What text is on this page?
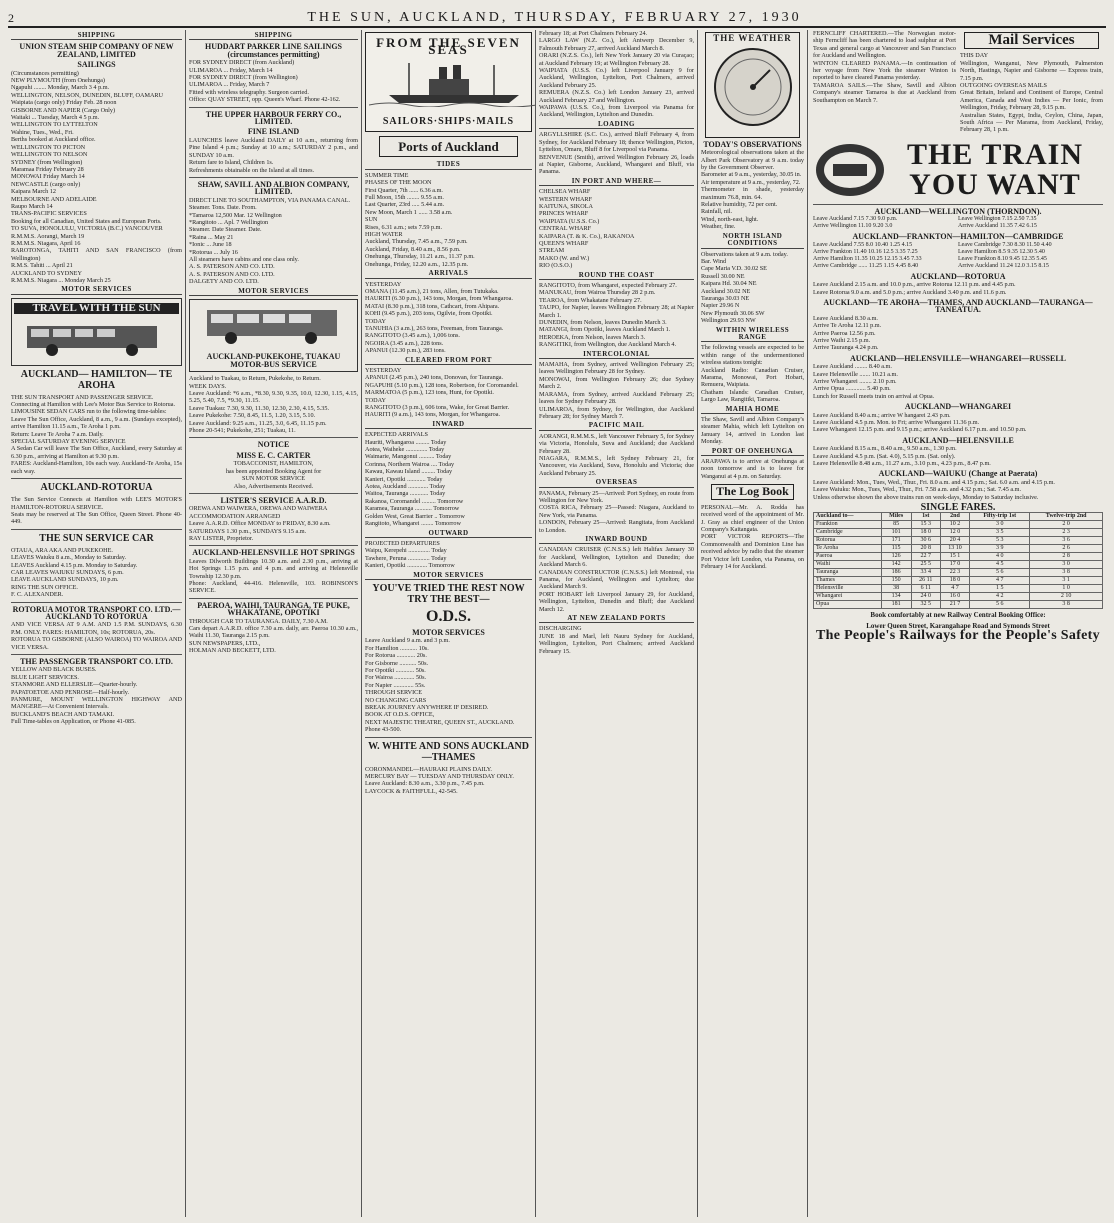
2	THE SUN, AUCKLAND, THURSDAY, FEBRUARY 27, 1930
SHIPPING
UNION STEAM SHIP COMPANY OF NEW ZEALAND, LIMITED
SAILINGS
(Circumstances permitting)
NEW PLYMOUTH (from Onehunga)
Ngapuhi ........ Monday, March 3 4 p.m.
WELLINGTON, NELSON, DUNEDIN, BLUFF, OAMARU
Waipiata (cargo only) Friday Feb. 28 noon
GISBORNE AND NAPIER (Cargo Only)
Waitaki ... Tuesday, March 4 5 p.m.
WELLINGTON TO LYTTELTON
Wahine, Tues., Wed., Fri.
Berths booked at Auckland office.
WELLINGTON TO PICTON
WELLINGTON TO NELSON
SYDNEY (from Wellington)
Maramaa Friday February 28
MONOWAI Friday March 14
NEWCASTLE (cargo only)
Kaipara March 12
MELBOURNE AND ADELAIDE
Raupo March 14
TRANS-PACIFIC SERVICES
Booking for all Canadian, United States and European Ports.
TO SUVA, HONOLULU, VICTORIA (B.C.) VANCOUVER
R.M.M.S. Aorangi, March 19
R.M.M.S. Niagara, April 16
RAROTONGA, TAHITI AND SAN FRANCISCO (from Wellington)
R.M.S. Tahiti ... April 21
AUCKLAND TO SYDNEY
R.M.M.S. Niagara ... Monday March 25
MOTOR SERVICES
TRAVEL WITH THE SUN
AUCKLAND— HAMILTON— TE AROHA
THE SUN TRANSPORT AND PASSENGER SERVICE.
Connecting at Hamilton with Lee's Motor Bus Service to Rotorua.
LIMOUSINE SEDAN CARS run to the following time-tables:
Leave The Sun Office, Auckland, 8 a.m., 9 a.m. (Sundays excepted), arrive Hamilton 11.15 a.m., Te Aroha 1 p.m.
Return: Leave Te Aroha 7 a.m. Daily.
SPECIAL SATURDAY EVENING SERVICE
A Sedan Car will leave The Sun Office, Auckland, every Saturday at 6.30 p.m., arriving at Hamilton at 9.30 p.m.
FARES: Auckland-Hamilton, 10s each way. Auckland-Te Aroha, 15s each way.
AUCKLAND-ROTORUA
The Sun Service Connects at Hamilton with LEE'S MOTOR'S HAMILTON-ROTORUA SERVICE.
Seats may be reserved at The Sun Office, Queen Street. Phone 40-449.
THE SUN SERVICE CAR
OTAUA, ARA AKA AND PUKEKOHE.
LEAVES Waiuku 8 a.m., Monday to Saturday.
LEAVES Auckland 4.15 p.m. Monday to Saturday.
CAR LEAVES WAIUKU SUNDAYS, 6 p.m.
LEAVE AUCKLAND SUNDAYS, 10 p.m.
RING THE SUN OFFICE.
F. C. ALEXANDER.
ROTORUA MOTOR TRANSPORT CO. LTD.—AUCKLAND TO ROTORUA
AND VICE VERSA AT 9 A.M. AND 1.5 P.M. SUNDAYS, 6.30 P.M. ONLY. FARES: HAMILTON, 10s; ROTORUA, 20s.
ROTORUA TO GISBORNE (ALSO WAIROA) TO WAIROA AND VICE VERSA.
THE PASSENGER TRANSPORT CO. LTD.
YELLOW AND BLACK BUSES.
BLUE LIGHT SERVICES.
STANMORE AND ELLERSLIE—Quarter-hourly.
PAPATOETOE AND PENROSE—Half-hourly.
PANMURE, MOUNT WELLINGTON HIGHWAY AND MANGERE—At Convenient Intervals.
BUCKLAND'S BEACH AND TAMAKI.
Full Time-tables on Application, or Phone 41-085.
SHIPPING
HUDDART PARKER LINE SAILINGS (circumstances permitting)
FOR SYDNEY DIRECT (from Auckland)
ULIMAROA ... Friday, March 14
FOR SYDNEY DIRECT (from Wellington)
ULIMAROA ... Friday, March 7
Fitted with wireless telegraphy. Surgeon carried.
Office: QUAY STREET, opp. Queen's Wharf. Phone 42-162.
THE UPPER HARBOUR FERRY CO., LIMITED.
FINE ISLAND
LAUNCHES leave Auckland DAILY at 10 a.m., returning from Pine Island 4 p.m.; Sunday at 10 a.m.; SATURDAY 2 p.m., and SUNDAY 10 a.m.
Return fare to Island, Children 1s.
Refreshments obtainable on the Island at all times.
SHAW, SAVILL AND ALBION COMPANY, LIMITED.
DIRECT LINE TO SOUTHAMPTON, VIA PANAMA CANAL.
Steamer. Tons. Date. From.
*Tamaroa 12,500 Mar. 12 Wellington
*Rangitoto ... Apl. 7 Wellington
Steamer. Date Steamer. Date.
*Raina ... May 21
*Ionic ... June 18
*Rotorua ... July 16
All steamers have cabins and one class only.
A. S. PATERSON AND CO. LTD.
A. S. PATERSON AND CO. LTD.
DALGETY AND CO. LTD.
MOTOR SERVICES
AUCKLAND-PUKEKOHE, TUAKAU MOTOR-BUS SERVICE
Auckland to Tuakau, to Return, Pukekohe, to Return.
WEEK DAYS.
Leave Auckland: *6 a.m., *8.30, 9.30, 9.35, 10.0, 12.30, 1.15, 4.15, 5.25, 5.40, 7.5, *9.30, 11.15.
Leave Tuakau: 7.30, 9.30, 11.30, 12.30, 2.30, 4.15, 5.35.
Leave Pukekohe: 7.50, 8.45, 11.5, 1.20, 3.15, 5.10.
Leave Auckland: 9.25 a.m., 11.25, 3.0, 6.45, 11.15 p.m.
Phone 20-541; Pukekohe, 251; Tuakau, 11.
NOTICE
MISS E. C. CARTER
TOBACCONIST, HAMILTON,
has been appointed Booking Agent for
SUN MOTOR SERVICE
Also, Advertisements Received.
LISTER'S SERVICE A.A.R.D.
OREWA AND WAIWERA, OREWA AND WAIWERA
ACCOMMODATION ARRANGED
Leave A.A.R.D. Office MONDAY to FRIDAY, 8.30 a.m.
SATURDAYS 1.30 p.m., SUNDAYS 9.15 a.m.
RAY LISTER, Proprietor.
AUCKLAND-HELENSVILLE HOT SPRINGS
Leaves Dilworth Buildings 10.30 a.m. and 2.30 p.m., arriving at Hot Springs 1.15 p.m. and 4 p.m. and arriving at Helensville Township 12.30 p.m.
Phone: Auckland, 44-416. Helensville, 103. ROBINSON'S SERVICE.
PAEROA, WAIHI, TAURANGA, TE PUKE, WHAKATANE, OPOTIKI
THROUGH CAR TO TAURANGA. DAILY, 7.30 A.M.
Cars depart A.A.R.D. office 7.30 a.m. daily, arr. Paeroa 10.30 a.m., Waihi 11.30, Tauranga 2.15 p.m.
SUN NEWSPAPERS, LTD.,
HOLMAN AND BECKETT, LTD.
FROM THE SEVEN SEAS
SAILORS·SHIPS·MAILS
Ports of Auckland
TIDES
SUMMER TIME
PHASES OF THE MOON
First Quarter, 7th ...... 6.36 a.m.
Full Moon, 15th ........ 9.55 a.m.
Last Quarter, 23rd ..... 5.44 a.m.
New Moon, March 1 ...... 3.58 a.m.
SUN
Rises, 6.31 a.m.; sets 7.59 p.m.
HIGH WATER
Auckland, Thursday, 7.45 a.m., 7.59 p.m.
Auckland, Friday, 8.40 a.m., 8.56 p.m.
Onehunga, Thursday, 11.21 a.m., 11.37 p.m.
Onehunga, Friday, 12.20 a.m., 12.35 p.m.
ARRIVALS
YESTERDAY
OMANA (11.45 a.m.), 21 tons, Allen, from Tutukaka.
HAURITI (6.30 p.m.), 143 tons, Morgan, from Whangaroa.
MATAI (8.30 p.m.), 318 tons, Cathcart, from Ahipara.
KOHI (9.45 p.m.), 203 tons, Ogilvie, from Opotiki.
TODAY
TANUHIA (3 a.m.), 263 tons, Freeman, from Tauranga.
RANGITOTO (3.45 a.m.), 1,006 tons.
NGOIRA (3.45 a.m.), 228 tons.
APANUI (12.30 p.m.), 283 tons.
CLEARED FROM PORT
YESTERDAY
APANUI (2.45 p.m.), 240 tons, Donovan, for Tauranga.
NGAPUHI (5.10 p.m.), 128 tons, Robertson, for Coromandel.
MARMATOA (5 p.m.), 123 tons, Hunt, for Opotiki.
TODAY
RANGITOTO (3 p.m.), 606 tons, Wake, for Great Barrier.
HAURITI (9 a.m.), 143 tons, Morgan, for Whangaroa.
INWARD
EXPECTED ARRIVALS
Hauriti, Whangaroa ......... Today
Aotea, Waiheke .............. Today
Waimarie, Mangonui .......... Today
Corinna, Northern Wairoa .... Today
Kawau, Kawau Island ......... Today
Kanieri, Opotiki ............ Today
Aotea, Auckland ............. Today
Waitoa, Tauranga ............ Today
Rakanoa, Coromandel ......... Tomorrow
Karamea, Tauranga ........... Tomorrow
Golden West, Great Barrier .. Tomorrow
Rangitoto, Whangarei ........ Tomorrow
OUTWARD
PROJECTED DEPARTURES
Waipu, Kerepehi .............. Today
Tawhere, Peruna .............. Today
Kanieri, Opotiki ............. Tomorrow
MOTOR SERVICES
YOU'VE TRIED THE REST NOW TRY THE BEST—
O.D.S.
MOTOR SERVICES
Leave Auckland 9 a.m. and 3 p.m.
For Hamilton ........... 10s.
For Rotorua ............ 20s.
For Gisborne ........... 50s.
For Opotiki ............ 50s.
For Wairoa ............. 50s.
For Napier ............. 55s.
THROUGH SERVICE
NO CHANGING CARS
BREAK JOURNEY ANYWHERE IF DESIRED.
BOOK AT O.D.S. OFFICE,
NEXT MAJESTIC THEATRE, QUEEN ST., AUCKLAND.
Phone 43-500.
W. WHITE AND SONS AUCKLAND—THAMES
CORONMANDEL—HAURAKI PLAINS DAILY.
MERCURY BAY — TUESDAY AND THURSDAY ONLY.
Leave Auckland: 8.30 a.m., 3.30 p.m., 7.45 p.m.
LAYCOCK & FAITHFULL, 42-545.
February 18; at Port Chalmers February 24.
LARGO LAW (N.Z. Co.), left Antwerp December 9, Falmouth February 27, arrived Auckland March 8.
ORARI (N.Z.S. Co.), left New York January 20 via Curaçao; at Auckland February 19; at Wellington February 28.
WAIPIATA (U.S.S. Co.) left Liverpool January 9 for Auckland, Wellington, Lyttelton, Port Chalmers, arrived Auckland February 25.
REMUERA (N.Z.S. Co.) left London January 23, arrived Auckland February 27 and Wellington.
WAIPAWA (U.S.S. Co.), from Liverpool via Panama for Auckland, Wellington, Lyttelton and Dunedin.
LOADING
ARGYLLSHIRE (S.C. Co.), arrived Bluff February 4, from Sydney, for Auckland February 18; thence Wellington, Picton, Lyttelton, Omaru, Bluff 8 for Liverpool via Panama.
BENVENUE (Smith), arrived Wellington February 26, loads at Napier, Gisborne, Auckland, Whangarei and Bluff, via Panama.
IN PORT AND WHERE—
CHELSEA WHARF
WESTERN WHARF
KAITUNA, SIKOLA
PRINCES WHARF
WAIPIATA (U.S.S. Co.)
CENTRAL WHARF
KAIPARA (T. & K. Co.), RAKANOA
QUEEN'S WHARF
STREAM
MAKO (W. and W.)
RIO (O.S.O.)
ROUND THE COAST
RANGITOTO, from Whangarei, expected February 27.
MANUKAU, from Wairoa Thursday 28 2 p.m.
TEAROA, from Whakatane February 27.
TAUPO, for Napier, leaves Wellington February 28; at Napier March 1.
DUNEDIN, from Nelson, leaves Dunedin March 3.
MATANGI, from Opotiki, leaves Auckland March 1.
HEROEKA, from Nelson, leaves March 3.
RANGITIKI, from Wellington, due Auckland March 4.
INTERCOLONIAL
MAMAHA, from Sydney, arrived Wellington February 25; leaves Wellington February 28 for Sydney.
MONOWAI, from Wellington February 26; due Sydney March 2.
MARAMA, from Sydney, arrived Auckland February 25; leaves for Sydney February 28.
ULIMAROA, from Sydney, for Wellington, due Auckland February 28; for Sydney March 7.
PACIFIC MAIL
AORANGI, R.M.M.S., left Vancouver February 5, for Sydney via Victoria, Honolulu, Suva and Auckland; due Auckland February 28.
NIAGARA, R.M.M.S., left Sydney February 21, for Vancouver, via Auckland, Suva, Honolulu and Victoria; due Auckland February 25.
OVERSEAS
PANAMA, February 25—Arrived: Port Sydney, en route from Wellington for New York.
COSTA RICA, February 25—Passed: Niagara, Auckland to New York, via Panama.
LONDON, February 25—Arrived: Rangitata, from Auckland to London.
INWARD BOUND
CANADIAN CRUISER (C.N.S.S.) left Halifax January 30 for Auckland, Wellington, Lyttelton and Dunedin; due Auckland March 6.
CANADIAN CONSTRUCTOR (C.N.S.S.) left Montreal, via Panama, for Auckland, Wellington and Lyttelton; due Auckland March 9.
PORT HOBART left Liverpool January 29, for Auckland, Wellington, Lyttelton, Dunedin and Bluff; due Auckland March 12.
AT NEW ZEALAND PORTS
DISCHARGING
JUNE 18 and Marl, left Nauru Sydney for Auckland, Wellington, Lyttelton, Port Chalmers; arrived Auckland February 15.
THE WEATHER
TODAY'S OBSERVATIONS
Meteorological observations taken at the Albert Park Observatory at 9 a.m. today by the Government Observer.
Barometer at 9 a.m., yesterday, 30.05 in.
Air temperature at 9 a.m., yesterday, 72.
Thermometer in shade, yesterday maximum 76.8, min. 64.
Relative humidity, 72 per cent.
Rainfall, nil.
Wind, north-east, light.
Weather, fine.
NORTH ISLAND CONDITIONS
Observations taken at 9 a.m. today.
Bar. Wind
Cape Maria V.D. 30.02 SE
Russell 30.00 NE
Kaipara Hd. 30.04 NE
Auckland 30.02 NE
Tauranga 30.03 NE
Napier 29.96 N
New Plymouth 30.06 SW
Wellington 29.93 NW
WITHIN WIRELESS RANGE
The following vessels are expected to be within range of the undermentioned wireless stations tonight:
Auckland Radio: Canadian Cruiser, Marama, Monowai, Port Hobart, Remuera, Waipiata.
Chatham Islands: Canadian Cruiser, Largo Law, Rangitiki, Tamaroa.
MAHIA HOME
The Shaw, Savill and Albion Company's steamer Mahia, which left Lyttelton on January 14, arrived in London last Monday.
PORT OF ONEHUNGA
ARAPAWA is to arrive at Onehunga at noon tomorrow and is to leave for Wanganui at 4 p.m. on Saturday.
The Log Book
PERSONAL—Mr. A. Rodda has received word of the appointment of Mr. J. Gray as chief engineer of the Union Company's Kaitangata.
PORT VICTOR REPORTS—The Commonwealth and Dominion Line has received advice by radio that the steamer Port Victor left London, via Panama, on February 14 for Auckland.
FERNCLIFF CHARTERED.—The Norwegian motor-ship Ferncliff has been chartered to load sulphur at Port Texas and general cargo at Vancouver and San Francisco for Auckland and Wellington.
WINTON CLEARED PANAMA.—In continuation of her voyage from New York the steamer Winton is reported to have cleared Panama yesterday.
TAMAROA SAILS.—The Shaw, Savill and Albion Company's steamer Tamaroa is due at Auckland from Southampton on March 7.
Mail Services
THIS DAY
Wellington, Wanganui, New Plymouth, Palmerston North, Hastings, Napier and Gisborne — Express train, 7.15 p.m.
OUTGOING OVERSEAS MAILS
Great Britain, Ireland and Continent of Europe, Central America, Canada and West Indies — Per Ionic, from Wellington, Friday, February 28, 9.15 p.m.
Australian States, Egypt, India, Ceylon, China, Japan, South Africa — Per Marama, from Auckland, Friday, February 28, 1 p.m.
THE TRAIN
YOU WANT
AUCKLAND—WELLINGTON (THORNDON).
Leave Auckland 7.15 7.30 9.0 p.m.
Arrive Wellington 11.10 9.20 3.0
Leave Wellington 7.15 2.50 7.35
Arrive Auckland 11.35 7.42 6.15
AUCKLAND—FRANKTON—HAMILTON—CAMBRIDGE
Leave Auckland 7.55 8.0 10.40 1.25 4.15
Arrive Frankton 11.40 10.16 12.5 3.35 7.25
Arrive Hamilton 11.35 10.25 12.15 3.45 7.33
Arrive Cambridge ...... 11.25 1.15 4.45 8.40
Leave Cambridge 7.30 8.30 11.50 4.40
Leave Hamilton 8.5 9.35 12.30 5.40
Leave Frankton 8.10 9.45 12.35 5.45
Arrive Auckland 11.24 12.0 3.15 8.15
AUCKLAND—ROTORUA
Leave Auckland 2.15 a.m. and 10.0 p.m., arrive Rotorua 12.11 p.m. and 4.45 p.m.
Leave Rotorua 9.0 a.m. and 5.0 p.m.; arrive Auckland 3.40 p.m. and 11.6 p.m.
AUCKLAND—TE AROHA—THAMES, AND AUCKLAND—TAURANGA—TANEATUA.
Leave Auckland 8.30 a.m.
Arrive Te Aroha 12.11 p.m.
Arrive Paeroa 12.56 p.m.
Arrive Waihi 2.15 p.m.
Arrive Tauranga 4.24 p.m.
AUCKLAND—HELENSVILLE—WHANGAREI—RUSSELL
Leave Auckland ........ 8.40 a.m.
Leave Helensville ....... 10.21 a.m.
Arrive Whangarei ........ 2.10 p.m.
Arrive Opua ............. 5.40 p.m.
Lunch for Russell meets train on arrival at Opua.
AUCKLAND—WHANGAREI
Leave Auckland 8.40 a.m.; arrive W hangarei 2.43 p.m.
Leave Auckland 4.5 p.m. Mon. to Fri; arrive Whangarei 11.36 p.m.
Leave Whangarei 12.15 p.m. and 9.15 p.m.; arrive Auckland 6.17 p.m. and 10.50 p.m.
AUCKLAND—HELENSVILLE
Leave Auckland 8.15 a.m., 8.40 a.m., 9.50 a.m., 1.30 p.m.
Leave Auckland 4.5 p.m. (Sat. 4.0), 5.15 p.m. (Sat. only).
Leave Helensville 8.48 a.m., 11.27 a.m., 3.10 p.m., 4.23 p.m., 8.47 p.m.
AUCKLAND—WAIUKU (Change at Paerata)
Leave Auckland: Mon., Tues, Wed., Thur., Fri. 8.0 a.m. and 4.15 p.m.; Sat. 6.0 a.m. and 4.15 p.m.
Leave Waiuku: Mon., Tues, Wed., Thur., Fri. 7.58 a.m. and 4.32 p.m.; Sat. 7.45 a.m.
Unless otherwise shown the above trains run on week-days, Monday to Saturday inclusive.
SINGLE FARES.
Auckland to—	Miles	1st	2nd	Fifty-trip 1st	Twelve-trip 2nd
Frankton	85	15 3	10 2	3 0	2 0
Cambridge	101	18 0	12 0	3 5	2 3
Rotorua	171	30 6	20 4	5 3	3 6
Te Aroha	115	20 8	13 10	3 9	2 6
Paeroa	126	22 7	15 1	4 0	2 8
Waihi	142	25 5	17 0	4 5	3 0
Tauranga	186	33 4	22 3	5 6	3 8
Thames	150	26 11	18 0	4 7	3 1
Helensville	38	6 11	4 7	1 5	1 0
Whangarei	134	24 0	16 0	4 2	2 10
Opua	181	32 5	21 7	5 6	3 8
Book comfortably at new Railway Central Booking Office:
Lower Queen Street, Karangahape Road and Symonds Street
The People's Railways for the People's Safety
